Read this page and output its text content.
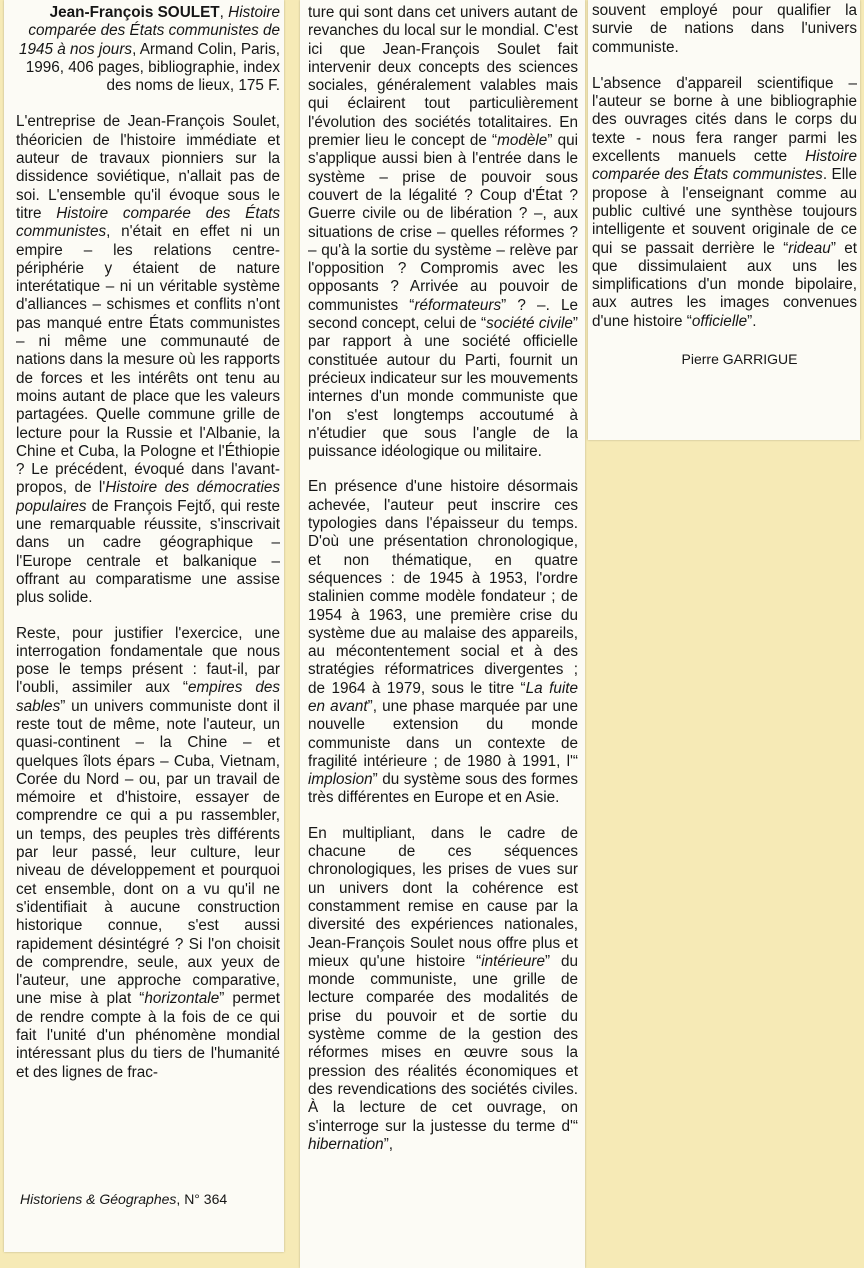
Jean-François SOULET, Histoire comparée des États communistes de 1945 à nos jours, Armand Colin, Paris, 1996, 406 pages, bibliographie, index des noms de lieux, 175 F.

L'entreprise de Jean-François Soulet, théoricien de l'histoire immédiate et auteur de travaux pionniers sur la dissidence soviétique, n'allait pas de soi. L'ensemble qu'il évoque sous le titre Histoire comparée des États communistes, n'était en effet ni un empire – les relations centre-périphérie y étaient de nature interétatique – ni un véritable système d'alliances – schismes et conflits n'ont pas manqué entre États communistes – ni même une communauté de nations dans la mesure où les rapports de forces et les intérêts ont tenu au moins autant de place que les valeurs partagées. Quelle commune grille de lecture pour la Russie et l'Albanie, la Chine et Cuba, la Pologne et l'Éthiopie ? Le précédent, évoqué dans l'avant-propos, de l'Histoire des démocraties populaires de François Fejtő, qui reste une remarquable réussite, s'inscrivait dans un cadre géographique – l'Europe centrale et balkanique – offrant au comparatisme une assise plus solide.

Reste, pour justifier l'exercice, une interrogation fondamentale que nous pose le temps présent : faut-il, par l'oubli, assimiler aux “empires des sables” un univers communiste dont il reste tout de même, note l'auteur, un quasi-continent – la Chine – et quelques îlots épars – Cuba, Vietnam, Corée du Nord – ou, par un travail de mémoire et d'histoire, essayer de comprendre ce qui a pu rassembler, un temps, des peuples très différents par leur passé, leur culture, leur niveau de développement et pourquoi cet ensemble, dont on a vu qu'il ne s'identifiait à aucune construction historique connue, s'est aussi rapidement désintégré ? Si l'on choisit de comprendre, seule, aux yeux de l'auteur, une approche comparative, une mise à plat “horizontale” permet de rendre compte à la fois de ce qui fait l'unité d'un phénomène mondial intéressant plus du tiers de l'humanité et des lignes de frac-

Historiens & Géographes, N° 364

ture qui sont dans cet univers autant de revanches du local sur le mondial. C'est ici que Jean-François Soulet fait intervenir deux concepts des sciences sociales, généralement valables mais qui éclairent tout particulièrement l'évolution des sociétés totalitaires. En premier lieu le concept de “modèle” qui s'applique aussi bien à l'entrée dans le système – prise de pouvoir sous couvert de la légalité ? Coup d'État ? Guerre civile ou de libération ? –, aux situations de crise – quelles réformes ? – qu'à la sortie du système – relève par l'opposition ? Compromis avec les opposants ? Arrivée au pouvoir de communistes “réformateurs” ? –. Le second concept, celui de “société civile” par rapport à une société officielle constituée autour du Parti, fournit un précieux indicateur sur les mouvements internes d'un monde communiste que l'on s'est longtemps accoutumé à n'étudier que sous l'angle de la puissance idéologique ou militaire.

En présence d'une histoire désormais achevée, l'auteur peut inscrire ces typologies dans l'épaisseur du temps. D'où une présentation chronologique, et non thématique, en quatre séquences : de 1945 à 1953, l'ordre stalinien comme modèle fondateur ; de 1954 à 1963, une première crise du système due au malaise des appareils, au mécontentement social et à des stratégies réformatrices divergentes ; de 1964 à 1979, sous le titre “La fuite en avant”, une phase marquée par une nouvelle extension du monde communiste dans un contexte de fragilité intérieure ; de 1980 à 1991, l'“ implosion” du système sous des formes très différentes en Europe et en Asie.

En multipliant, dans le cadre de chacune de ces séquences chronologiques, les prises de vues sur un univers dont la cohérence est constamment remise en cause par la diversité des expériences nationales, Jean-François Soulet nous offre plus et mieux qu'une histoire “intérieure” du monde communiste, une grille de lecture comparée des modalités de prise du pouvoir et de sortie du système comme de la gestion des réformes mises en œuvre sous la pression des réalités économiques et des revendications des sociétés civiles. À la lecture de cet ouvrage, on s'interroge sur la justesse du terme d'“ hibernation”,

souvent employé pour qualifier la survie de nations dans l'univers communiste.

L'absence d'appareil scientifique – l'auteur se borne à une bibliographie des ouvrages cités dans le corps du texte - nous fera ranger parmi les excellents manuels cette Histoire comparée des États communistes. Elle propose à l'enseignant comme au public cultivé une synthèse toujours intelligente et souvent originale de ce qui se passait derrière le “rideau” et que dissimulaient aux uns les simplifications d'un monde bipolaire, aux autres les images convenues d'une histoire “officielle”.

Pierre GARRIGUE
